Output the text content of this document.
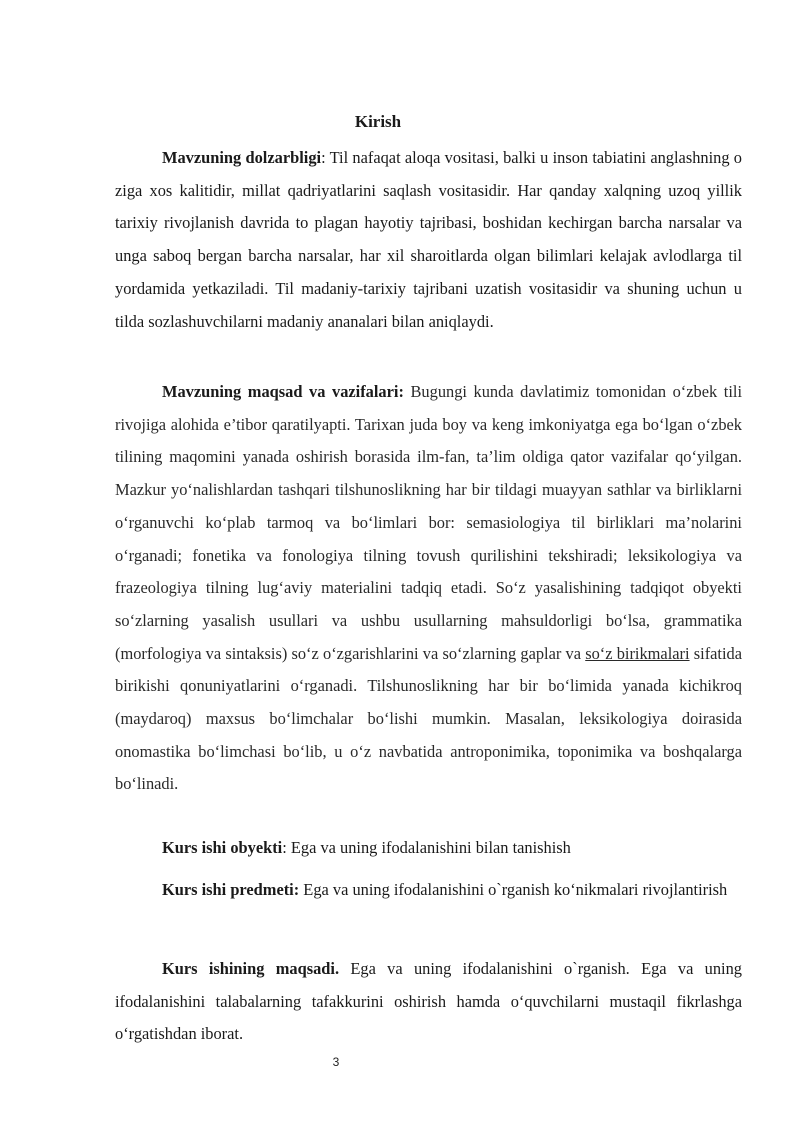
Kirish

Mavzuning dolzarbligi: Til nafaqat aloqa vositasi, balki u inson tabiatini anglashning o ziga xos kalitidir, millat qadriyatlarini saqlash vositasidir. Har qanday xalqning uzoq yillik tarixiy rivojlanish davrida to plagan hayotiy tajribasi, boshidan kechirgan barcha narsalar va unga saboq bergan barcha narsalar, har xil sharoitlarda olgan bilimlari kelajak avlodlarga til yordamida yetkaziladi. Til madaniy-tarixiy tajribani uzatish vositasidir va shuning uchun u tilda sozlashuvchilarni madaniy ananalari bilan aniqlaydi.

Mavzuning maqsad va vazifalari: Bugungi kunda davlatimiz tomonidan o‘zbek tili rivojiga alohida e’tibor qaratilyapti. Tarixan juda boy va keng imkoniyatga ega bo‘lgan o‘zbek tilining maqomini yanada oshirish borasida ilm-fan, ta’lim oldiga qator vazifalar qo‘yilgan. Mazkur yo‘nalishlardan tashqari tilshunoslikning har bir tildagi muayyan sathlar va birliklarni o‘rganuvchi ko‘plab tarmoq va bo‘limlari bor: semasiologiya til birliklari ma’nolarini o‘rganadi; fonetika va fonologiya tilning tovush qurilishini tekshiradi; leksikologiya va frazeologiya tilning lug‘aviy materialini tadqiq etadi. So‘z yasalishining tadqiqot obyekti so‘zlarning yasalish usullari va ushbu usullarning mahsuldorligi bo‘lsa, grammatika (morfologiya va sintaksis) so‘z o‘zgarishlarini va so‘zlarning gaplar va so‘z birikmalari sifatida birikishi qonuniyatlarini o‘rganadi. Tilshunoslikning har bir bo‘limida yanada kichikroq (maydaroq) maxsus bo‘limchalar bo‘lishi mumkin. Masalan, leksikologiya doirasida onomastika bo‘limchasi bo‘lib, u o‘z navbatida antroponimika, toponimika va boshqalarga bo‘linadi.

Kurs ishi obyekti: Ega va uning ifodalanishini bilan tanishish

Kurs ishi predmeti: Ega va uning ifodalanishini o`rganish ko‘nikmalari rivojlantirish

Kurs ishining maqsadi. Ega va uning ifodalanishini o`rganish. Ega va uning ifodalanishini talabalarning tafakkurini oshirish hamda o‘quvchilarni mustaqil fikrlashga o‘rgatishdan iborat.

3
